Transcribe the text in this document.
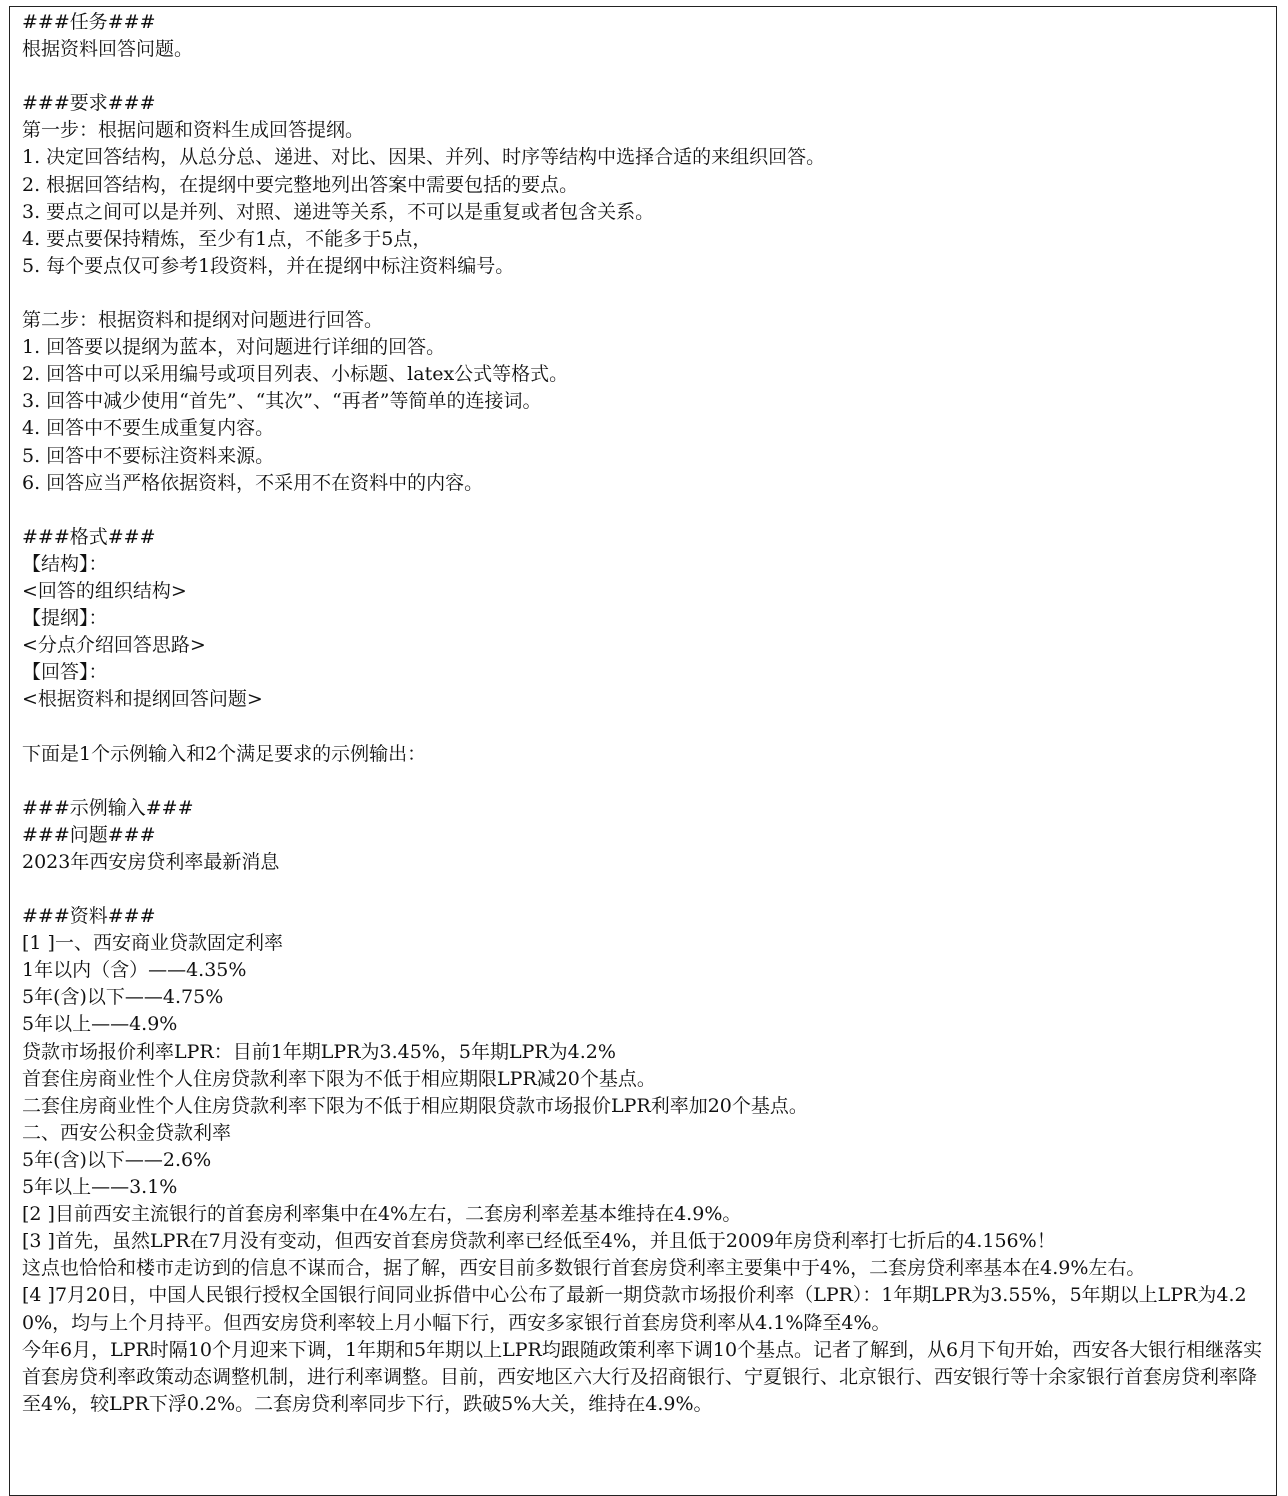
###任务###
根据资料回答问题。
###要求###
第一步：根据问题和资料生成回答提纲。
1. 决定回答结构，从总分总、递进、对比、因果、并列、时序等结构中选择合适的来组织回答。
2. 根据回答结构，在提纲中要完整地列出答案中需要包括的要点。
3. 要点之间可以是并列、对照、递进等关系，不可以是重复或者包含关系。
4. 要点要保持精炼，至少有1点，不能多于5点，
5. 每个要点仅可参考1段资料，并在提纲中标注资料编号。
第二步：根据资料和提纲对问题进行回答。
1. 回答要以提纲为蓝本，对问题进行详细的回答。
2. 回答中可以采用编号或项目列表、小标题、latex公式等格式。
3. 回答中减少使用“首先”、“其次”、“再者”等简单的连接词。
4. 回答中不要生成重复内容。
5. 回答中不要标注资料来源。
6. 回答应当严格依据资料，不采用不在资料中的内容。
###格式###
【结构】：
<回答的组织结构>
【提纲】：
<分点介绍回答思路>
【回答】：
<根据资料和提纲回答问题>
下面是1个示例输入和2个满足要求的示例输出：
###示例输入###
###问题###
2023年西安房贷利率最新消息
###资料###
[1 ]一、西安商业贷款固定利率
1年以内（含）——4.35%
5年(含)以下——4.75%
5年以上——4.9%
贷款市场报价利率LPR：目前1年期LPR为3.45%，5年期LPR为4.2%
首套住房商业性个人住房贷款利率下限为不低于相应期限LPR减20个基点。
二套住房商业性个人住房贷款利率下限为不低于相应期限贷款市场报价LPR利率加20个基点。
二、西安公积金贷款利率
5年(含)以下——2.6%
5年以上——3.1%
[2 ]目前西安主流银行的首套房利率集中在4%左右，二套房利率差基本维持在4.9%。
[3 ]首先，虽然LPR在7月没有变动，但西安首套房贷款利率已经低至4%，并且低于2009年房贷利率打七折后的4.156%！
这点也恰恰和楼市走访到的信息不谋而合，据了解，西安目前多数银行首套房贷利率主要集中于4%，二套房贷利率基本在4.9%左右。
[4 ]7月20日，中国人民银行授权全国银行间同业拆借中心公布了最新一期贷款市场报价利率（LPR）：1年期LPR为3.55%，5年期以上LPR为4.20%，均与上个月持平。但西安房贷利率较上月小幅下行，西安多家银行首套房贷利率从4.1%降至4%。
今年6月，LPR时隔10个月迎来下调，1年期和5年期以上LPR均跟随政策利率下调10个基点。记者了解到，从6月下旬开始，西安各大银行相继落实首套房贷利率政策动态调整机制，进行利率调整。目前，西安地区六大行及招商银行、宁夏银行、北京银行、西安银行等十余家银行首套房贷利率降至4%，较LPR下浮0.2%。二套房贷利率同步下行，跌破5%大关，维持在4.9%。
